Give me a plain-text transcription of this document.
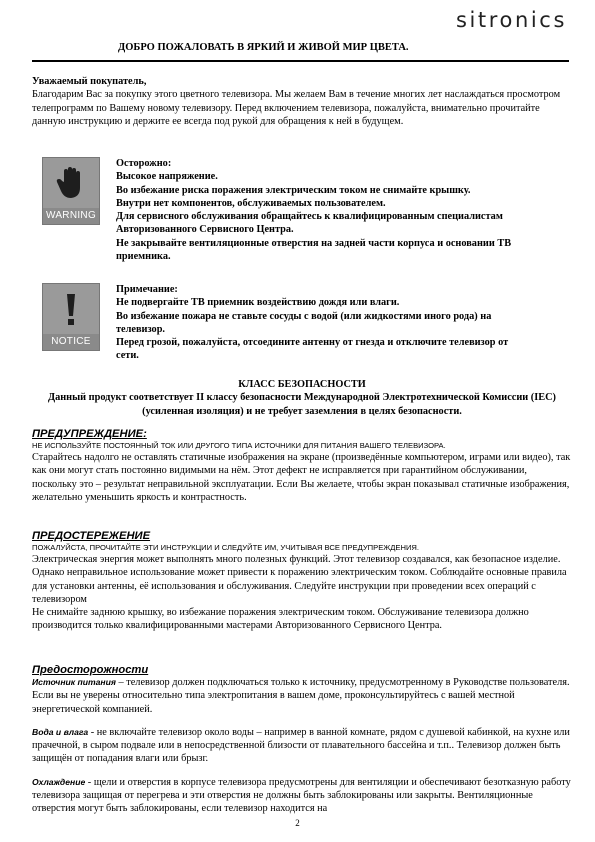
sitronics
ДОБРО ПОЖАЛОВАТЬ В ЯРКИЙ И ЖИВОЙ МИР ЦВЕТА.

Уважаемый покупатель,

Благодарим Вас за покупку этого цветного телевизора. Мы желаем Вам в течение многих лет наслаждаться просмотром телепрограмм по Вашему новому телевизору. Перед включением телевизора, пожалуйста, внимательно прочитайте данную инструкцию и держите ее всегда под рукой для обращения к ней в будущем.

WARNING

Осторожно:

Высокое напряжение.

Во избежание риска поражения электрическим током не снимайте крышку.

Внутри нет компонентов, обслуживаемых пользователем.

Для сервисного обслуживания обращайтесь к квалифицированным специалистам Авторизованного Сервисного Центра.

Не закрывайте вентиляционные отверстия на задней части корпуса и основании ТВ приемника.

NOTICE

Примечание:

Не подвергайте ТВ приемник воздействию дождя или влаги.

Во избежание пожара не ставьте сосуды с водой (или жидкостями иного рода) на телевизор.

Перед грозой, пожалуйста, отсоедините антенну от гнезда и отключите телевизор от сети.

КЛАСС БЕЗОПАСНОСТИ

Данный продукт соответствует II классу безопасности Международной Электротехнической Комиссии (IEC) (усиленная изоляция) и не требует заземления в целях безопасности.

ПРЕДУПРЕЖДЕНИЕ:

НЕ ИСПОЛЬЗУЙТЕ ПОСТОЯННЫЙ ТОК ИЛИ ДРУГОГО ТИПА ИСТОЧНИКИ ДЛЯ ПИТАНИЯ ВАШЕГО ТЕЛЕВИЗОРА.

Старайтесь надолго не оставлять статичные изображения на экране (произведённые компьютером, играми или видео), так как они могут стать постоянно видимыми на нём. Этот дефект не исправляется при гарантийном обслуживании, поскольку это – результат неправильной эксплуатации. Если Вы желаете, чтобы экран показывал статичные изображения, желательно уменьшить яркость и контрастность.

ПРЕДОСТЕРЕЖЕНИЕ

ПОЖАЛУЙСТА, ПРОЧИТАЙТЕ ЭТИ ИНСТРУКЦИИ И СЛЕДУЙТЕ ИМ, УЧИТЫВАЯ ВСЕ ПРЕДУПРЕЖДЕНИЯ.

Электрическая энергия может выполнять много полезных функций. Этот телевизор создавался, как безопасное изделие. Однако неправильное использование может привести к поражению электрическим током. Соблюдайте основные правила для установки антенны, её использования и обслуживания. Следуйте инструкции при проведении всех операций с телевизором

Не снимайте заднюю крышку, во избежание поражения электрическим током. Обслуживание телевизора должно производится только квалифицированными мастерами Авторизованного Сервисного Центра.

Предосторожности

Источник питания – телевизор должен подключаться только к источнику, предусмотренному в Руководстве пользователя. Если вы не уверены относительно типа электропитания в вашем доме, проконсультируйтесь с вашей местной энергетической компанией.

Вода и влага - не включайте телевизор около воды – например в ванной комнате, рядом с душевой кабинкой, на кухне или прачечной, в сыром подвале или в непосредственной близости от плавательного бассейна и т.п.. Телевизор должен быть защищён от попадания влаги или брызг.

Охлаждение - щели и отверстия в корпусе телевизора предусмотрены для вентиляции и обеспечивают безотказную работу телевизора защищая от перегрева и эти отверстия не должны быть заблокированы или закрыты. Вентиляционные отверстия могут быть заблокированы, если телевизор находится на

2
